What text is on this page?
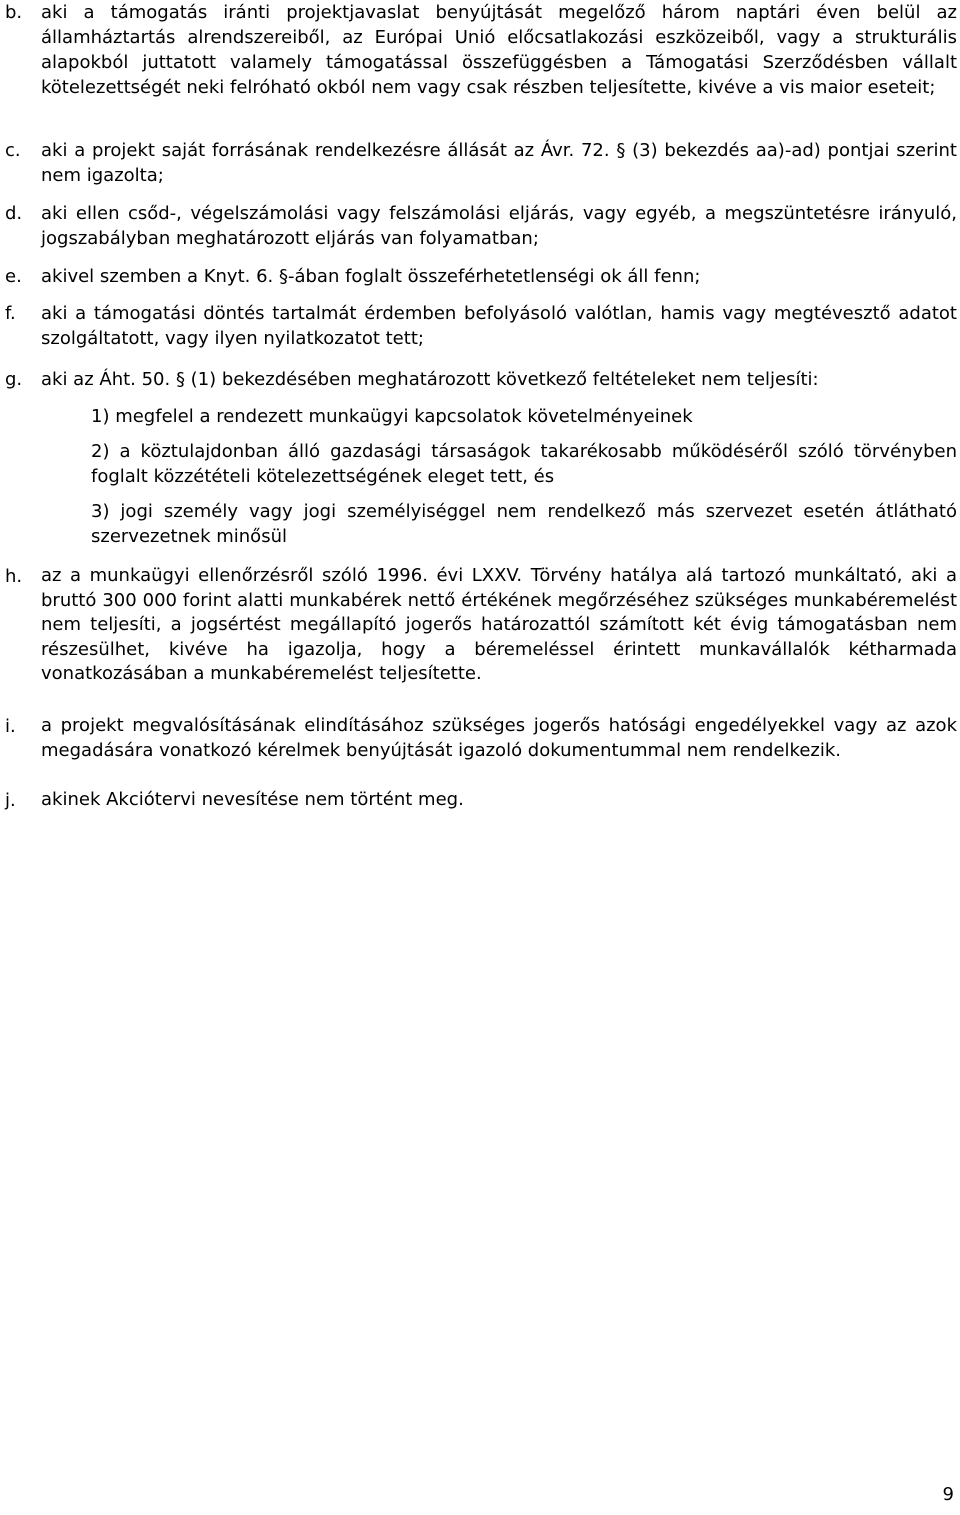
b. aki a támogatás iránti projektjavaslat benyújtását megelőző három naptári éven belül az államháztartás alrendszereiből, az Európai Unió előcsatlakozási eszközeiből, vagy a strukturális alapokból juttatott valamely támogatással összefüggésben a Támogatási Szerződésben vállalt kötelezettségét neki felróható okból nem vagy csak részben teljesítette, kivéve a vis maior eseteit;
c. aki a projekt saját forrásának rendelkezésre állását az Ávr. 72. § (3) bekezdés aa)-ad) pontjai szerint nem igazolta;
d. aki ellen csőd-, végelszámolási vagy felszámolási eljárás, vagy egyéb, a megszüntetésre irányuló, jogszabályban meghatározott eljárás van folyamatban;
e. akivel szemben a Knyt. 6. §-ában foglalt összeférhetetlenségi ok áll fenn;
f. aki a támogatási döntés tartalmát érdemben befolyásoló valótlan, hamis vagy megtévesztő adatot szolgáltatott, vagy ilyen nyilatkozatot tett;
g. aki az Áht. 50. § (1) bekezdésében meghatározott következő feltételeket nem teljesíti:
1) megfelel a rendezett munkaügyi kapcsolatok követelményeinek
2) a köztulajdonban álló gazdasági társaságok takarékosabb működéséről szóló törvényben foglalt közzétételi kötelezettségének eleget tett, és
3) jogi személy vagy jogi személyiséggel nem rendelkező más szervezet esetén átlátható szervezetnek minősül
h. az a munkaügyi ellenőrzésről szóló 1996. évi LXXV. Törvény hatálya alá tartozó munkáltató, aki a bruttó 300 000 forint alatti munkabérek nettő értékének megőrzéséhez szükséges munkabéremelést nem teljesíti, a jogsértést megállapító jogerős határozattól számított két évig támogatásban nem részesülhet, kivéve ha igazolja, hogy a béremeléssel érintett munkavállalók kétharmada vonatkozásában a munkabéremelést teljesítette.
i. a projekt megvalósításának elindításához szükséges jogerős hatósági engedélyekkel vagy az azok megadására vonatkozó kérelmek benyújtását igazoló dokumentummal nem rendelkezik.
j. akinek Akciótervi nevesítése nem történt meg.
9
